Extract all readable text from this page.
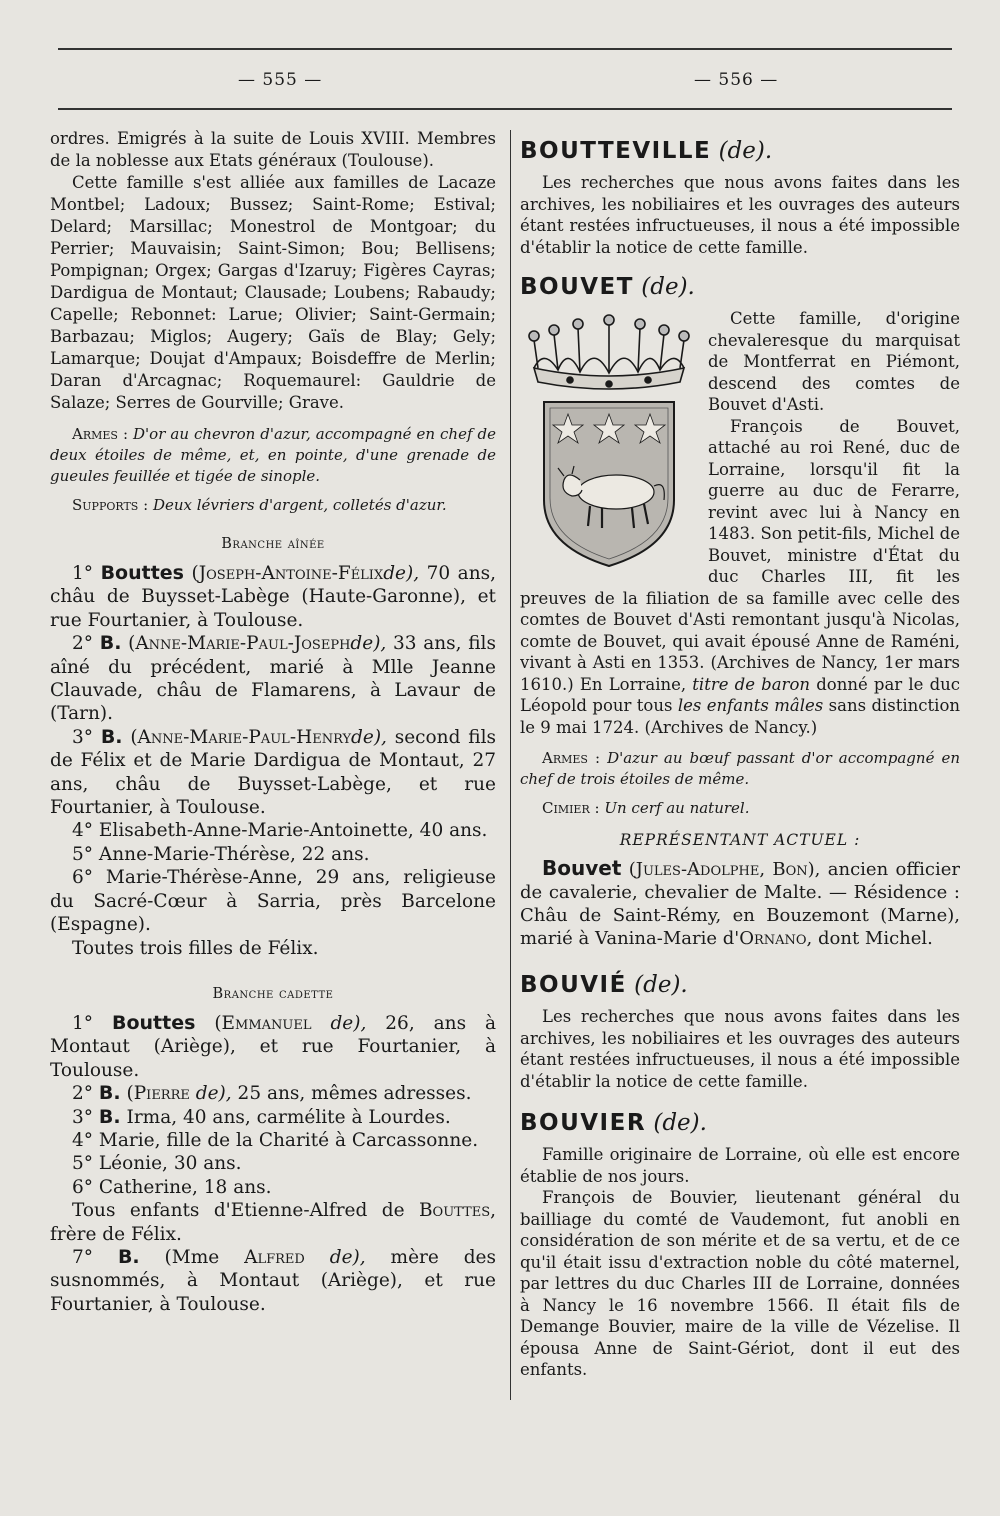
— 555 —	— 556 —

ordres. Emigrés à la suite de Louis XVIII. Membres de la noblesse aux Etats généraux (Toulouse).

Cette famille s'est alliée aux familles de Lacaze Montbel; Ladoux; Bussez; Saint-Rome; Estival; Delard; Marsillac; Monestrol de Montgoar; du Perrier; Mauvaisin; Saint-Simon; Bou; Bellisens; Pompignan; Orgex; Gargas d'Izaruy; Figères Cayras; Dardigua de Montaut; Clausade; Loubens; Rabaudy; Capelle; Rebonnet: Larue; Olivier; Saint-Germain; Barbazau; Miglos; Augery; Gaïs de Blay; Gely; Lamarque; Doujat d'Ampaux; Boisdeffre de Merlin; Daran d'Arcagnac; Roquemaurel: Gauldrie de Salaze; Serres de Gourville; Grave.

Armes : D'or au chevron d'azur, accompagné en chef de deux étoiles de même, et, en pointe, d'une grenade de gueules feuillée et tigée de sinople.

Supports : Deux lévriers d'argent, colletés d'azur.

Branche aînée

1° Bouttes (Joseph-Antoine-Félixde), 70 ans, châu de Buysset-Labège (Haute-Garonne), et rue Fourtanier, à Toulouse.

2° B. (Anne-Marie-Paul-Josephde), 33 ans, fils aîné du précédent, marié à Mlle Jeanne Clauvade, châu de Flamarens, à Lavaur de (Tarn).

3° B. (Anne-Marie-Paul-Henryde), second fils de Félix et de Marie Dardigua de Montaut, 27 ans, châu de Buysset-Labège, et rue Fourtanier, à Toulouse.

4° Elisabeth-Anne-Marie-Antoinette, 40 ans.

5° Anne-Marie-Thérèse, 22 ans.

6° Marie-Thérèse-Anne, 29 ans, religieuse du Sacré-Cœur à Sarria, près Barcelone (Espagne).

Toutes trois filles de Félix.

Branche cadette

1° Bouttes (Emmanuel de), 26, ans à Montaut (Ariège), et rue Fourtanier, à Toulouse.

2° B. (Pierre de), 25 ans, mêmes adresses.

3° B. Irma, 40 ans, carmélite à Lourdes.

4° Marie, fille de la Charité à Carcassonne.

5° Léonie, 30 ans.

6° Catherine, 18 ans.

Tous enfants d'Etienne-Alfred de Bouttes, frère de Félix.

7° B. (Mme Alfred de), mère des susnommés, à Montaut (Ariège), et rue Fourtanier, à Toulouse.

BOUTTEVILLE (de).

Les recherches que nous avons faites dans les archives, les nobiliaires et les ouvrages des auteurs étant restées infructueuses, il nous a été impossible d'établir la notice de cette famille.

BOUVET (de).

Cette famille, d'origine chevaleresque du marquisat de Montferrat en Piémont, descend des comtes de Bouvet d'Asti.

François de Bouvet, attaché au roi René, duc de Lorraine, lorsqu'il fit la guerre au duc de Ferarre, revint avec lui à Nancy en 1483. Son petit-fils, Michel de Bouvet, ministre d'État du duc Charles III, fit les preuves de la filiation de sa famille avec celle des comtes de Bouvet d'Asti remontant jusqu'à Nicolas, comte de Bouvet, qui avait épousé Anne de Raméni, vivant à Asti en 1353. (Archives de Nancy, 1er mars 1610.) En Lorraine, titre de baron donné par le duc Léopold pour tous les enfants mâles sans distinction le 9 mai 1724. (Archives de Nancy.)

Armes : D'azur au bœuf passant d'or accompagné en chef de trois étoiles de même.

Cimier : Un cerf au naturel.

REPRÉSENTANT ACTUEL :

Bouvet (Jules-Adolphe, Bon), ancien officier de cavalerie, chevalier de Malte. — Résidence : Châu de Saint-Rémy, en Bouzemont (Marne), marié à Vanina-Marie d'Ornano, dont Michel.

BOUVIÉ (de).

Les recherches que nous avons faites dans les archives, les nobiliaires et les ouvrages des auteurs étant restées infructueuses, il nous a été impossible d'établir la notice de cette famille.

BOUVIER (de).

Famille originaire de Lorraine, où elle est encore établie de nos jours.

François de Bouvier, lieutenant général du bailliage du comté de Vaudemont, fut anobli en considération de son mérite et de sa vertu, et de ce qu'il était issu d'extraction noble du côté maternel, par lettres du duc Charles III de Lorraine, données à Nancy le 16 novembre 1566. Il était fils de Demange Bouvier, maire de la ville de Vézelise. Il épousa Anne de Saint-Gériot, dont il eut des enfants.
